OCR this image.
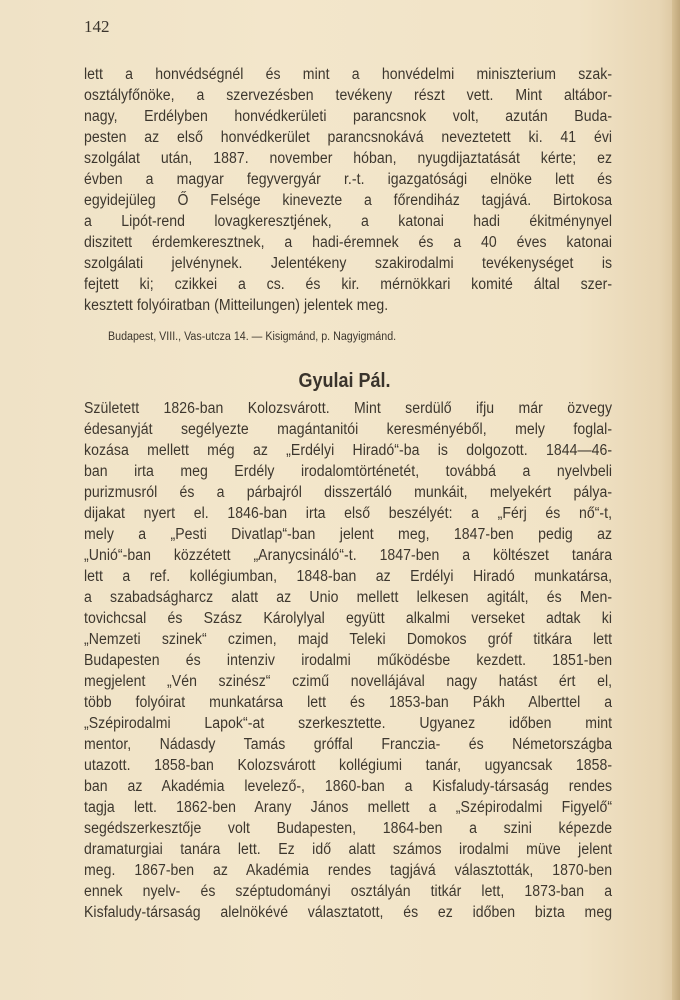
142
lett a honvédségnél és mint a honvédelmi miniszterium szak-
osztályfőnöke, a szervezésben tevékeny részt vett. Mint altábor-
nagy, Erdélyben honvédkerületi parancsnok volt, azután Buda-
pesten az első honvédkerület parancsnokává neveztetett ki. 41 évi
szolgálat után, 1887. november hóban, nyugdijaztatását kérte; ez
évben a magyar fegyvergyár r.-t. igazgatósági elnöke lett és
egyidejüleg Ő Felsége kinevezte a főrendiház tagjává. Birtokosa
a Lipót-rend lovagkeresztjének, a katonai hadi ékitménynyel
diszitett érdemkeresztnek, a hadi-éremnek és a 40 éves katonai
szolgálati jelvénynek. Jelentékeny szakirodalmi tevékenységet is
fejtett ki; czikkei a cs. és kir. mérnökkari komité által szer-
kesztett folyóiratban (Mitteilungen) jelentek meg.
Budapest, VIII., Vas-utcza 14. — Kisigmánd, p. Nagyigmánd.
Gyulai Pál.
Született 1826-ban Kolozsvárott. Mint serdülő ifju már özvegy
édesanyját segélyezte magántanitói keresményéből, mely foglal-
kozása mellett még az „Erdélyi Hiradó“-ba is dolgozott. 1844—46-
ban irta meg Erdély irodalomtörténetét, továbbá a nyelvbeli
purizmusról és a párbajról disszertáló munkáit, melyekért pálya-
dijakat nyert el. 1846-ban irta első beszélyét: a „Férj és nő“-t,
mely a „Pesti Divatlap“-ban jelent meg, 1847-ben pedig az
„Unió“-ban közzétett „Aranycsináló“-t. 1847-ben a költészet tanára
lett a ref. kollégiumban, 1848-ban az Erdélyi Hiradó munkatársa,
a szabadságharcz alatt az Unio mellett lelkesen agitált, és Men-
tovichcsal és Szász Károlylyal együtt alkalmi verseket adtak ki
„Nemzeti szinek“ czimen, majd Teleki Domokos gróf titkára lett
Budapesten és intenziv irodalmi működésbe kezdett. 1851-ben
megjelent „Vén szinész“ czimű novellájával nagy hatást ért el,
több folyóirat munkatársa lett és 1853-ban Pákh Alberttel a
„Szépirodalmi Lapok“-at szerkesztette. Ugyanez időben mint
mentor, Nádasdy Tamás gróffal Franczia- és Németországba
utazott. 1858-ban Kolozsvárott kollégiumi tanár, ugyancsak 1858-
ban az Akadémia levelező-, 1860-ban a Kisfaludy-társaság rendes
tagja lett. 1862-ben Arany János mellett a „Szépirodalmi Figyelő“
segédszerkesztője volt Budapesten, 1864-ben a szini képezde
dramaturgiai tanára lett. Ez idő alatt számos irodalmi müve jelent
meg. 1867-ben az Akadémia rendes tagjává választották, 1870-ben
ennek nyelv- és széptudományi osztályán titkár lett, 1873-ban a
Kisfaludy-társaság alelnökévé választatott, és ez időben bizta meg
